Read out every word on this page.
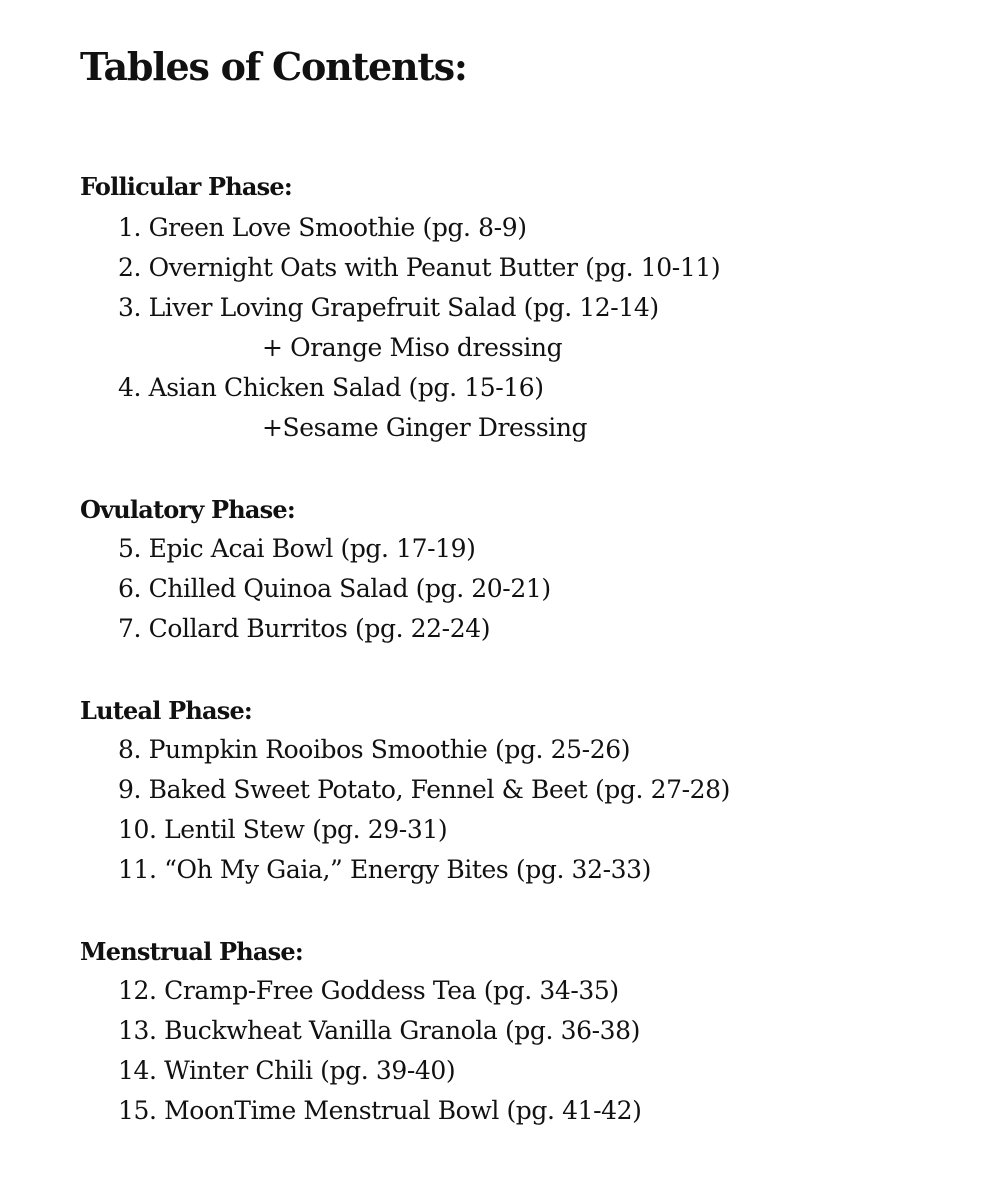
Tables of Contents:
Follicular Phase:
1. Green Love Smoothie (pg. 8-9)
2. Overnight Oats with Peanut Butter (pg. 10-11)
3. Liver Loving Grapefruit Salad (pg. 12-14)
+ Orange Miso dressing
4. Asian Chicken Salad (pg. 15-16)
+Sesame Ginger Dressing
Ovulatory Phase:
5. Epic Acai Bowl (pg. 17-19)
6. Chilled Quinoa Salad (pg. 20-21)
7. Collard Burritos (pg. 22-24)
Luteal Phase:
8. Pumpkin Rooibos Smoothie (pg. 25-26)
9. Baked Sweet Potato, Fennel & Beet (pg. 27-28)
10. Lentil Stew (pg. 29-31)
11. “Oh My Gaia,” Energy Bites (pg. 32-33)
Menstrual Phase:
12. Cramp-Free Goddess Tea (pg. 34-35)
13. Buckwheat Vanilla Granola (pg. 36-38)
14. Winter Chili (pg. 39-40)
15. MoonTime Menstrual Bowl (pg. 41-42)
